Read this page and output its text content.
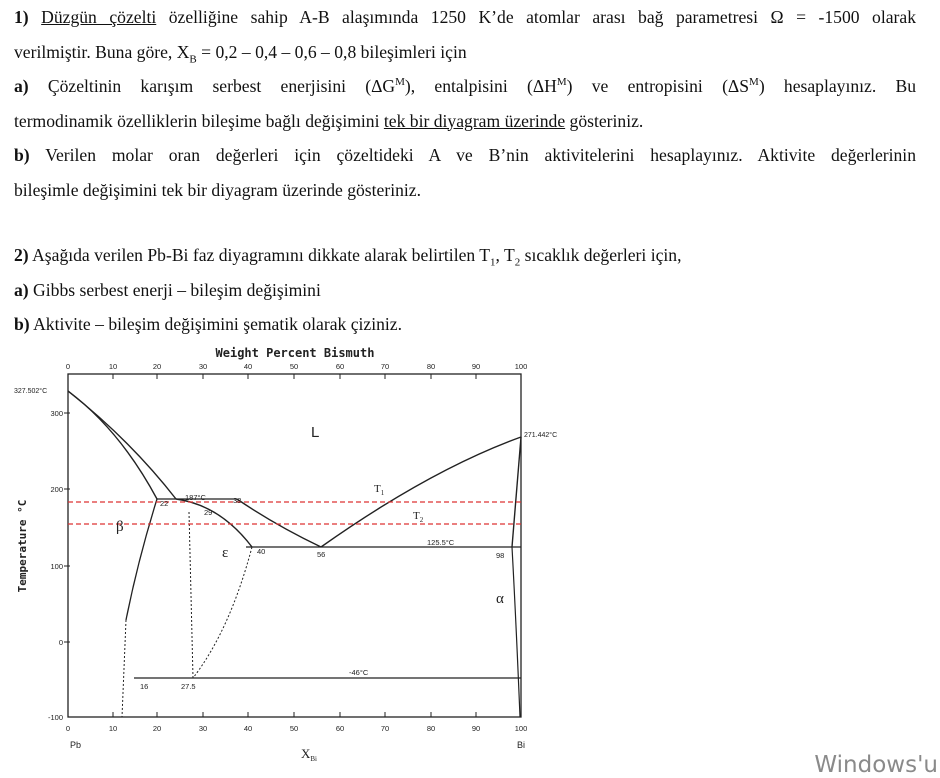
1) Düzgün çözelti özelliğine sahip A-B alaşımında 1250 K’de atomlar arası bağ parametresi Ω = -1500 olarak

verilmiştir. Buna göre, $X_B = 0,2 - 0,4 - 0,6 - 0,8$ bileşimleri için

a) Çözeltinin karışım serbest enerjisini $(\Delta G^M)$, entalpisini $(\Delta H^M)$ ve entropisini $(\Delta S^M)$ hesaplayınız. Bu

termodinamik özelliklerin bileşime bağlı değişimini tek bir diyagram üzerinde gösteriniz.

b) Verilen molar oran değerleri için çözeltideki A ve B’nin aktivitelerini hesaplayınız. Aktivite değerlerinin

bileşimle değişimini tek bir diyagram üzerinde gösteriniz.

2) Aşağıda verilen Pb-Bi faz diyagramını dikkate alarak belirtilen $T_1$, $T_2$ sıcaklık değerleri için,

a) Gibbs serbest enerji – bileşim değişimini

b) Aktivite – bileşim değişimini şematik olarak çiziniz.

Weight Percent Bismuth
0	10	20	30	40	50	60	70	80	90	100
0	10	20	30	40	50	60	70	80	90	100
Pb	Bi
$X_{Bi}$
300
200
100
0
-100
Temperature °C
327.502°C
271.442°C
L
β
ε
α
$T_1$
$T_2$
22
187°C	38
29
40	56
125.5°C
98
-46°C
16	27.5
Windows'u
